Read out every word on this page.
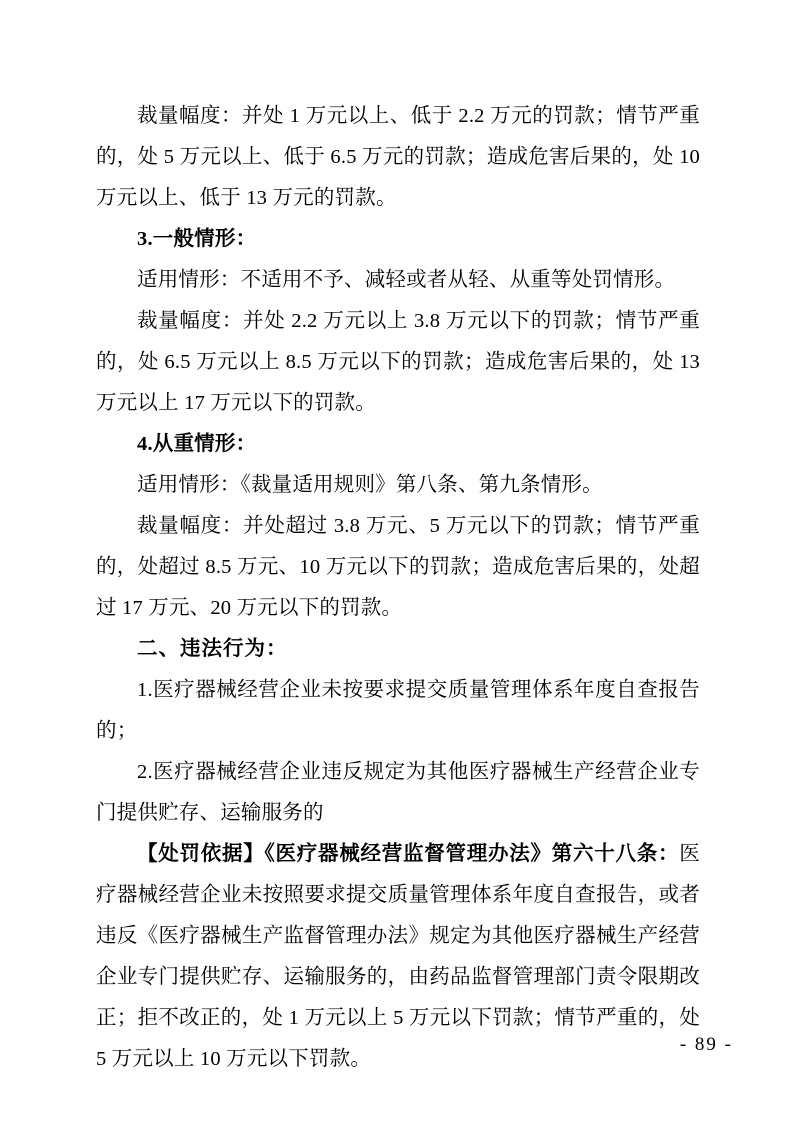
裁量幅度：并处 1 万元以上、低于 2.2 万元的罚款；情节严重的，处 5 万元以上、低于 6.5 万元的罚款；造成危害后果的，处 10 万元以上、低于 13 万元的罚款。

3.一般情形：

适用情形：不适用不予、减轻或者从轻、从重等处罚情形。

裁量幅度：并处 2.2 万元以上 3.8 万元以下的罚款；情节严重的，处 6.5 万元以上 8.5 万元以下的罚款；造成危害后果的，处 13 万元以上 17 万元以下的罚款。

4.从重情形：

适用情形：《裁量适用规则》第八条、第九条情形。

裁量幅度：并处超过 3.8 万元、5 万元以下的罚款；情节严重的，处超过 8.5 万元、10 万元以下的罚款；造成危害后果的，处超过 17 万元、20 万元以下的罚款。

二、违法行为：

1.医疗器械经营企业未按要求提交质量管理体系年度自查报告的；

2.医疗器械经营企业违反规定为其他医疗器械生产经营企业专门提供贮存、运输服务的

【处罚依据】《医疗器械经营监督管理办法》第六十八条：医疗器械经营企业未按照要求提交质量管理体系年度自查报告，或者违反《医疗器械生产监督管理办法》规定为其他医疗器械生产经营企业专门提供贮存、运输服务的，由药品监督管理部门责令限期改正；拒不改正的，处 1 万元以上 5 万元以下罚款；情节严重的，处 5 万元以上 10 万元以下罚款。

- 89 -
